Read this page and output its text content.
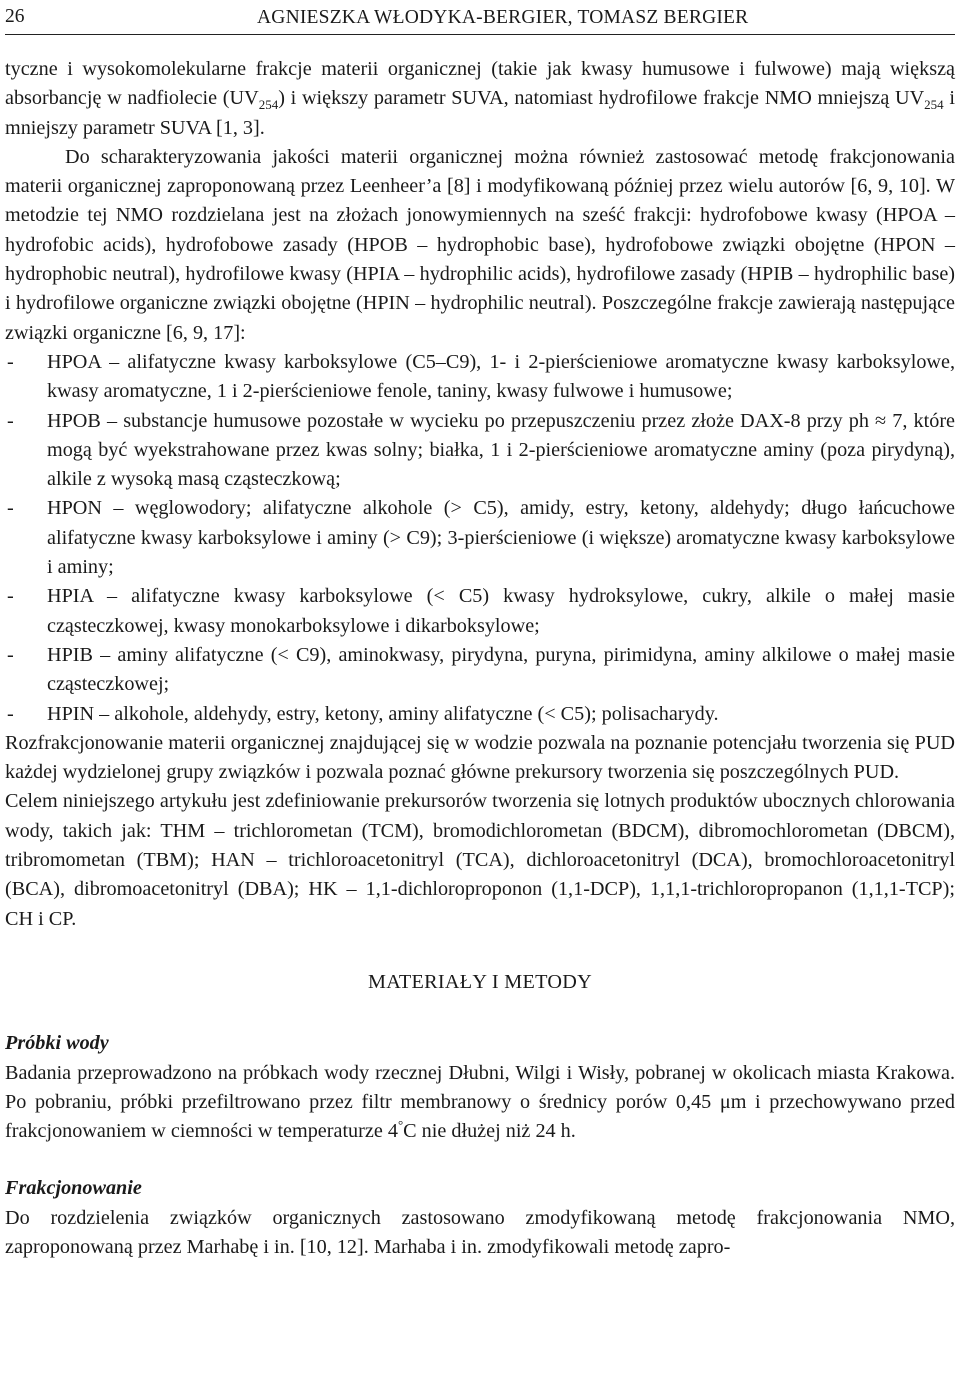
26	AGNIESZKA WŁODYKA-BERGIER, TOMASZ BERGIER

tyczne i wysokomolekularne frakcje materii organicznej (takie jak kwasy humusowe i fulwowe) mają większą absorbancję w nadfiolecie $(UV_{254})$ i większy parametr SUVA, natomiast hydrofilowe frakcje NMO mniejszą $UV_{254}$ i mniejszy parametr SUVA [1, 3].

Do scharakteryzowania jakości materii organicznej można również zastosować metodę frakcjonowania materii organicznej zaproponowaną przez Leenheer’a [8] i modyfikowaną później przez wielu autorów [6, 9, 10]. W metodzie tej NMO rozdzielana jest na złożach jonowymiennych na sześć frakcji: hydrofobowe kwasy (HPOA – hydrofobic acids), hydrofobowe zasady (HPOB – hydrophobic base), hydrofobowe związki obojętne (HPON – hydrophobic neutral), hydrofilowe kwasy (HPIA – hydrophilic acids), hydrofilowe zasady (HPIB – hydrophilic base) i hydrofilowe organiczne związki obojętne (HPIN – hydrophilic neutral). Poszczególne frakcje zawierają następujące związki organiczne [6, 9, 17]:

- HPOA – alifatyczne kwasy karboksylowe (C5–C9), 1- i 2-pierścieniowe aromatyczne kwasy karboksylowe, kwasy aromatyczne, 1 i 2-pierścieniowe fenole, taniny, kwasy fulwowe i humusowe;
- HPOB – substancje humusowe pozostałe w wycieku po przepuszczeniu przez złoże DAX-8 przy ph ≈ 7, które mogą być wyekstrahowane przez kwas solny; białka, 1 i 2-pierścieniowe aromatyczne aminy (poza pirydyną), alkile z wysoką masą cząsteczkową;
- HPON – węglowodory; alifatyczne alkohole (> C5), amidy, estry, ketony, aldehydy; długo łańcuchowe alifatyczne kwasy karboksylowe i aminy (> C9); 3-pierścieniowe (i większe) aromatyczne kwasy karboksylowe i aminy;
- HPIA – alifatyczne kwasy karboksylowe (< C5) kwasy hydroksylowe, cukry, alkile o małej masie cząsteczkowej, kwasy monokarboksylowe i dikarboksylowe;
- HPIB – aminy alifatyczne (< C9), aminokwasy, pirydyna, puryna, pirimidyna, aminy alkilowe o małej masie cząsteczkowej;
- HPIN – alkohole, aldehydy, estry, ketony, aminy alifatyczne (< C5); polisacharydy.

Rozfrakcjonowanie materii organicznej znajdującej się w wodzie pozwala na poznanie potencjału tworzenia się PUD każdej wydzielonej grupy związków i pozwala poznać główne prekursory tworzenia się poszczególnych PUD.

Celem niniejszego artykułu jest zdefiniowanie prekursorów tworzenia się lotnych produktów ubocznych chlorowania wody, takich jak: THM – trichlorometan (TCM), bromodichlorometan (BDCM), dibromochlorometan (DBCM), tribromometan (TBM); HAN – trichloroacetonitryl (TCA), dichloroacetonitryl (DCA), bromochloroacetonitryl (BCA), dibromoacetonitryl (DBA); HK – 1,1-dichloroproponon (1,1-DCP), 1,1,1-trichloropropanon (1,1,1-TCP); CH i CP.

MATERIAŁY I METODY
Próbki wody

Badania przeprowadzono na próbkach wody rzecznej Dłubni, Wilgi i Wisły, pobranej w okolicach miasta Krakowa. Po pobraniu, próbki przefiltrowano przez filtr membranowy o średnicy porów 0,45 μm i przechowywano przed frakcjonowaniem w ciemności w temperaturze 4°C nie dłużej niż 24 h.

Frakcjonowanie

Do rozdzielenia związków organicznych zastosowano zmodyfikowaną metodę frakcjonowania NMO, zaproponowaną przez Marhabę i in. [10, 12]. Marhaba i in. zmodyfikowali metodę zapro-
